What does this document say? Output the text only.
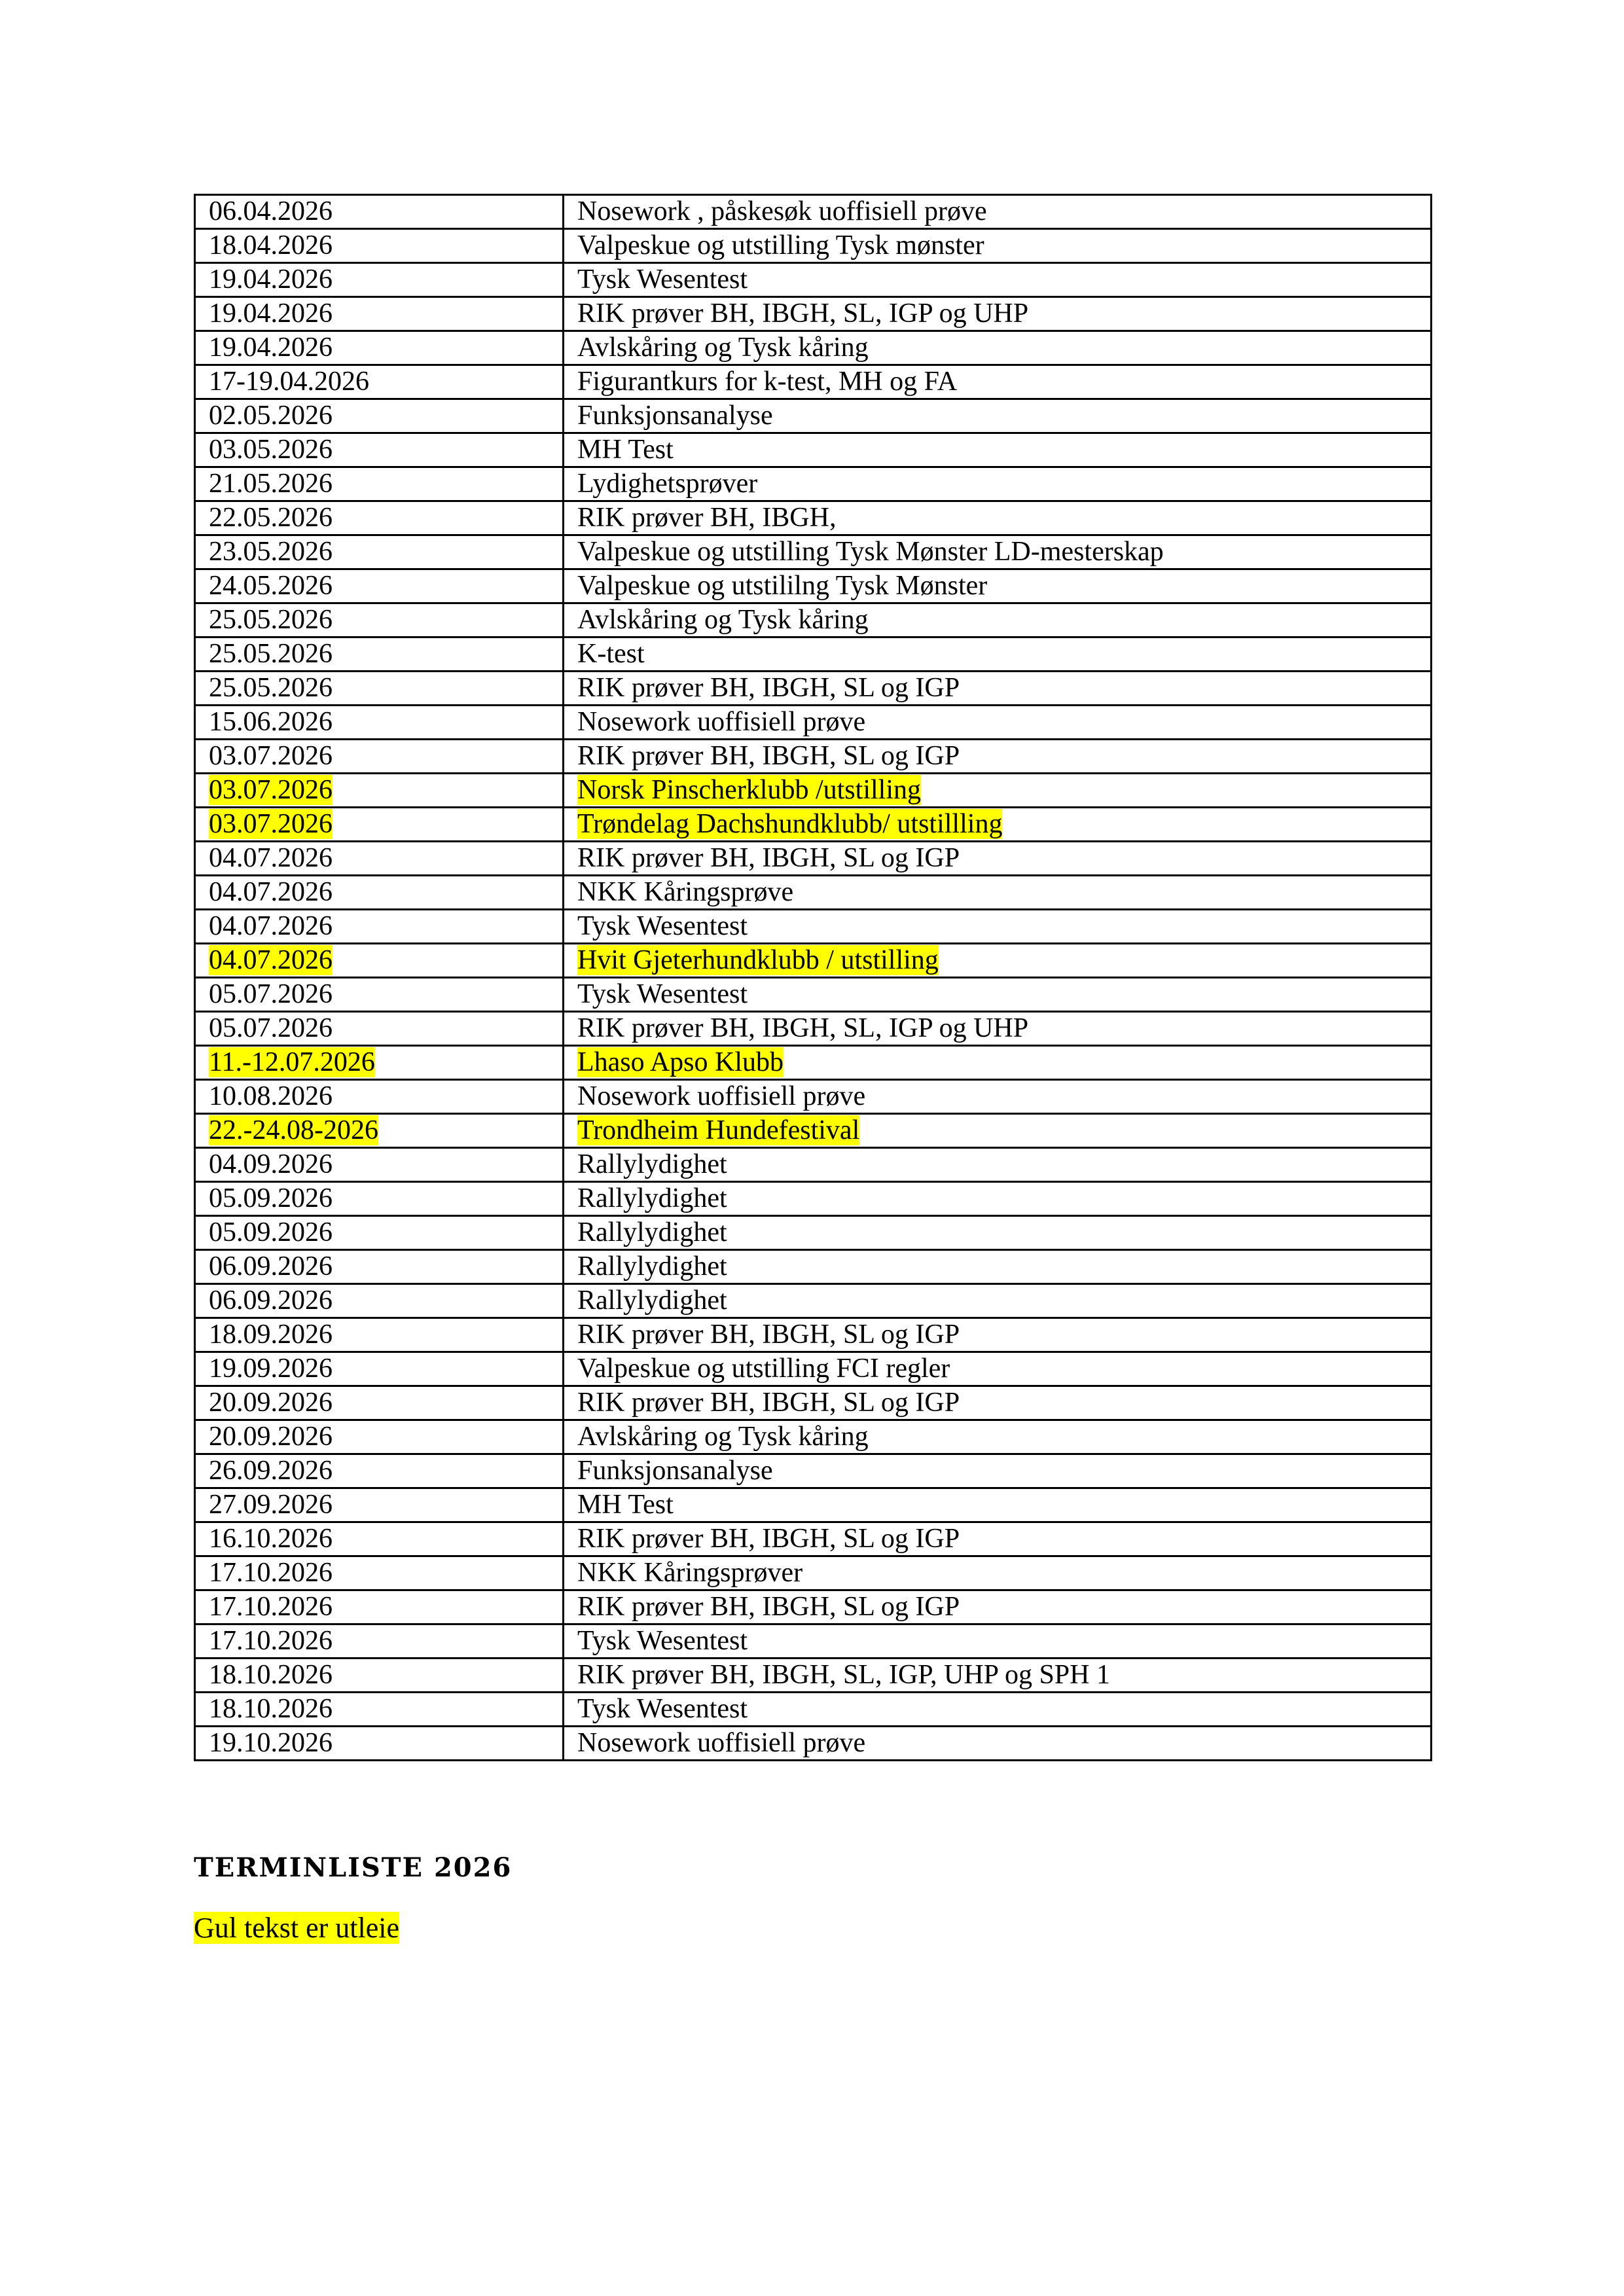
06.04.2026	Nosework , påskesøk uoffisiell prøve
18.04.2026	Valpeskue og utstilling Tysk mønster
19.04.2026	Tysk Wesentest
19.04.2026	RIK prøver BH, IBGH, SL, IGP og UHP
19.04.2026	Avlskåring og Tysk kåring
17-19.04.2026	Figurantkurs for k-test, MH og FA
02.05.2026	Funksjonsanalyse
03.05.2026	MH Test
21.05.2026	Lydighetsprøver
22.05.2026	RIK prøver BH, IBGH,
23.05.2026	Valpeskue og utstilling Tysk Mønster LD-mesterskap
24.05.2026	Valpeskue og utstililng Tysk Mønster
25.05.2026	Avlskåring og Tysk kåring
25.05.2026	K-test
25.05.2026	RIK prøver BH, IBGH, SL og IGP
15.06.2026	Nosework uoffisiell prøve
03.07.2026	RIK prøver BH, IBGH, SL og IGP
03.07.2026	Norsk Pinscherklubb /utstilling
03.07.2026	Trøndelag Dachshundklubb/ utstillling
04.07.2026	RIK prøver BH, IBGH, SL og IGP
04.07.2026	NKK Kåringsprøve
04.07.2026	Tysk Wesentest
04.07.2026	Hvit Gjeterhundklubb / utstilling
05.07.2026	Tysk Wesentest
05.07.2026	RIK prøver BH, IBGH, SL, IGP og UHP
11.-12.07.2026	Lhaso Apso Klubb
10.08.2026	Nosework uoffisiell prøve
22.-24.08-2026	Trondheim Hundefestival
04.09.2026	Rallylydighet
05.09.2026	Rallylydighet
05.09.2026	Rallylydighet
06.09.2026	Rallylydighet
06.09.2026	Rallylydighet
18.09.2026	RIK prøver BH, IBGH, SL og IGP
19.09.2026	Valpeskue og utstilling FCI regler
20.09.2026	RIK prøver BH, IBGH, SL og IGP
20.09.2026	Avlskåring og Tysk kåring
26.09.2026	Funksjonsanalyse
27.09.2026	MH Test
16.10.2026	RIK prøver BH, IBGH, SL og IGP
17.10.2026	NKK Kåringsprøver
17.10.2026	RIK prøver BH, IBGH, SL og IGP
17.10.2026	Tysk Wesentest
18.10.2026	RIK prøver BH, IBGH, SL, IGP, UHP og SPH 1
18.10.2026	Tysk Wesentest
19.10.2026	Nosework uoffisiell prøve
TERMINLISTE 2026
Gul tekst er utleie
